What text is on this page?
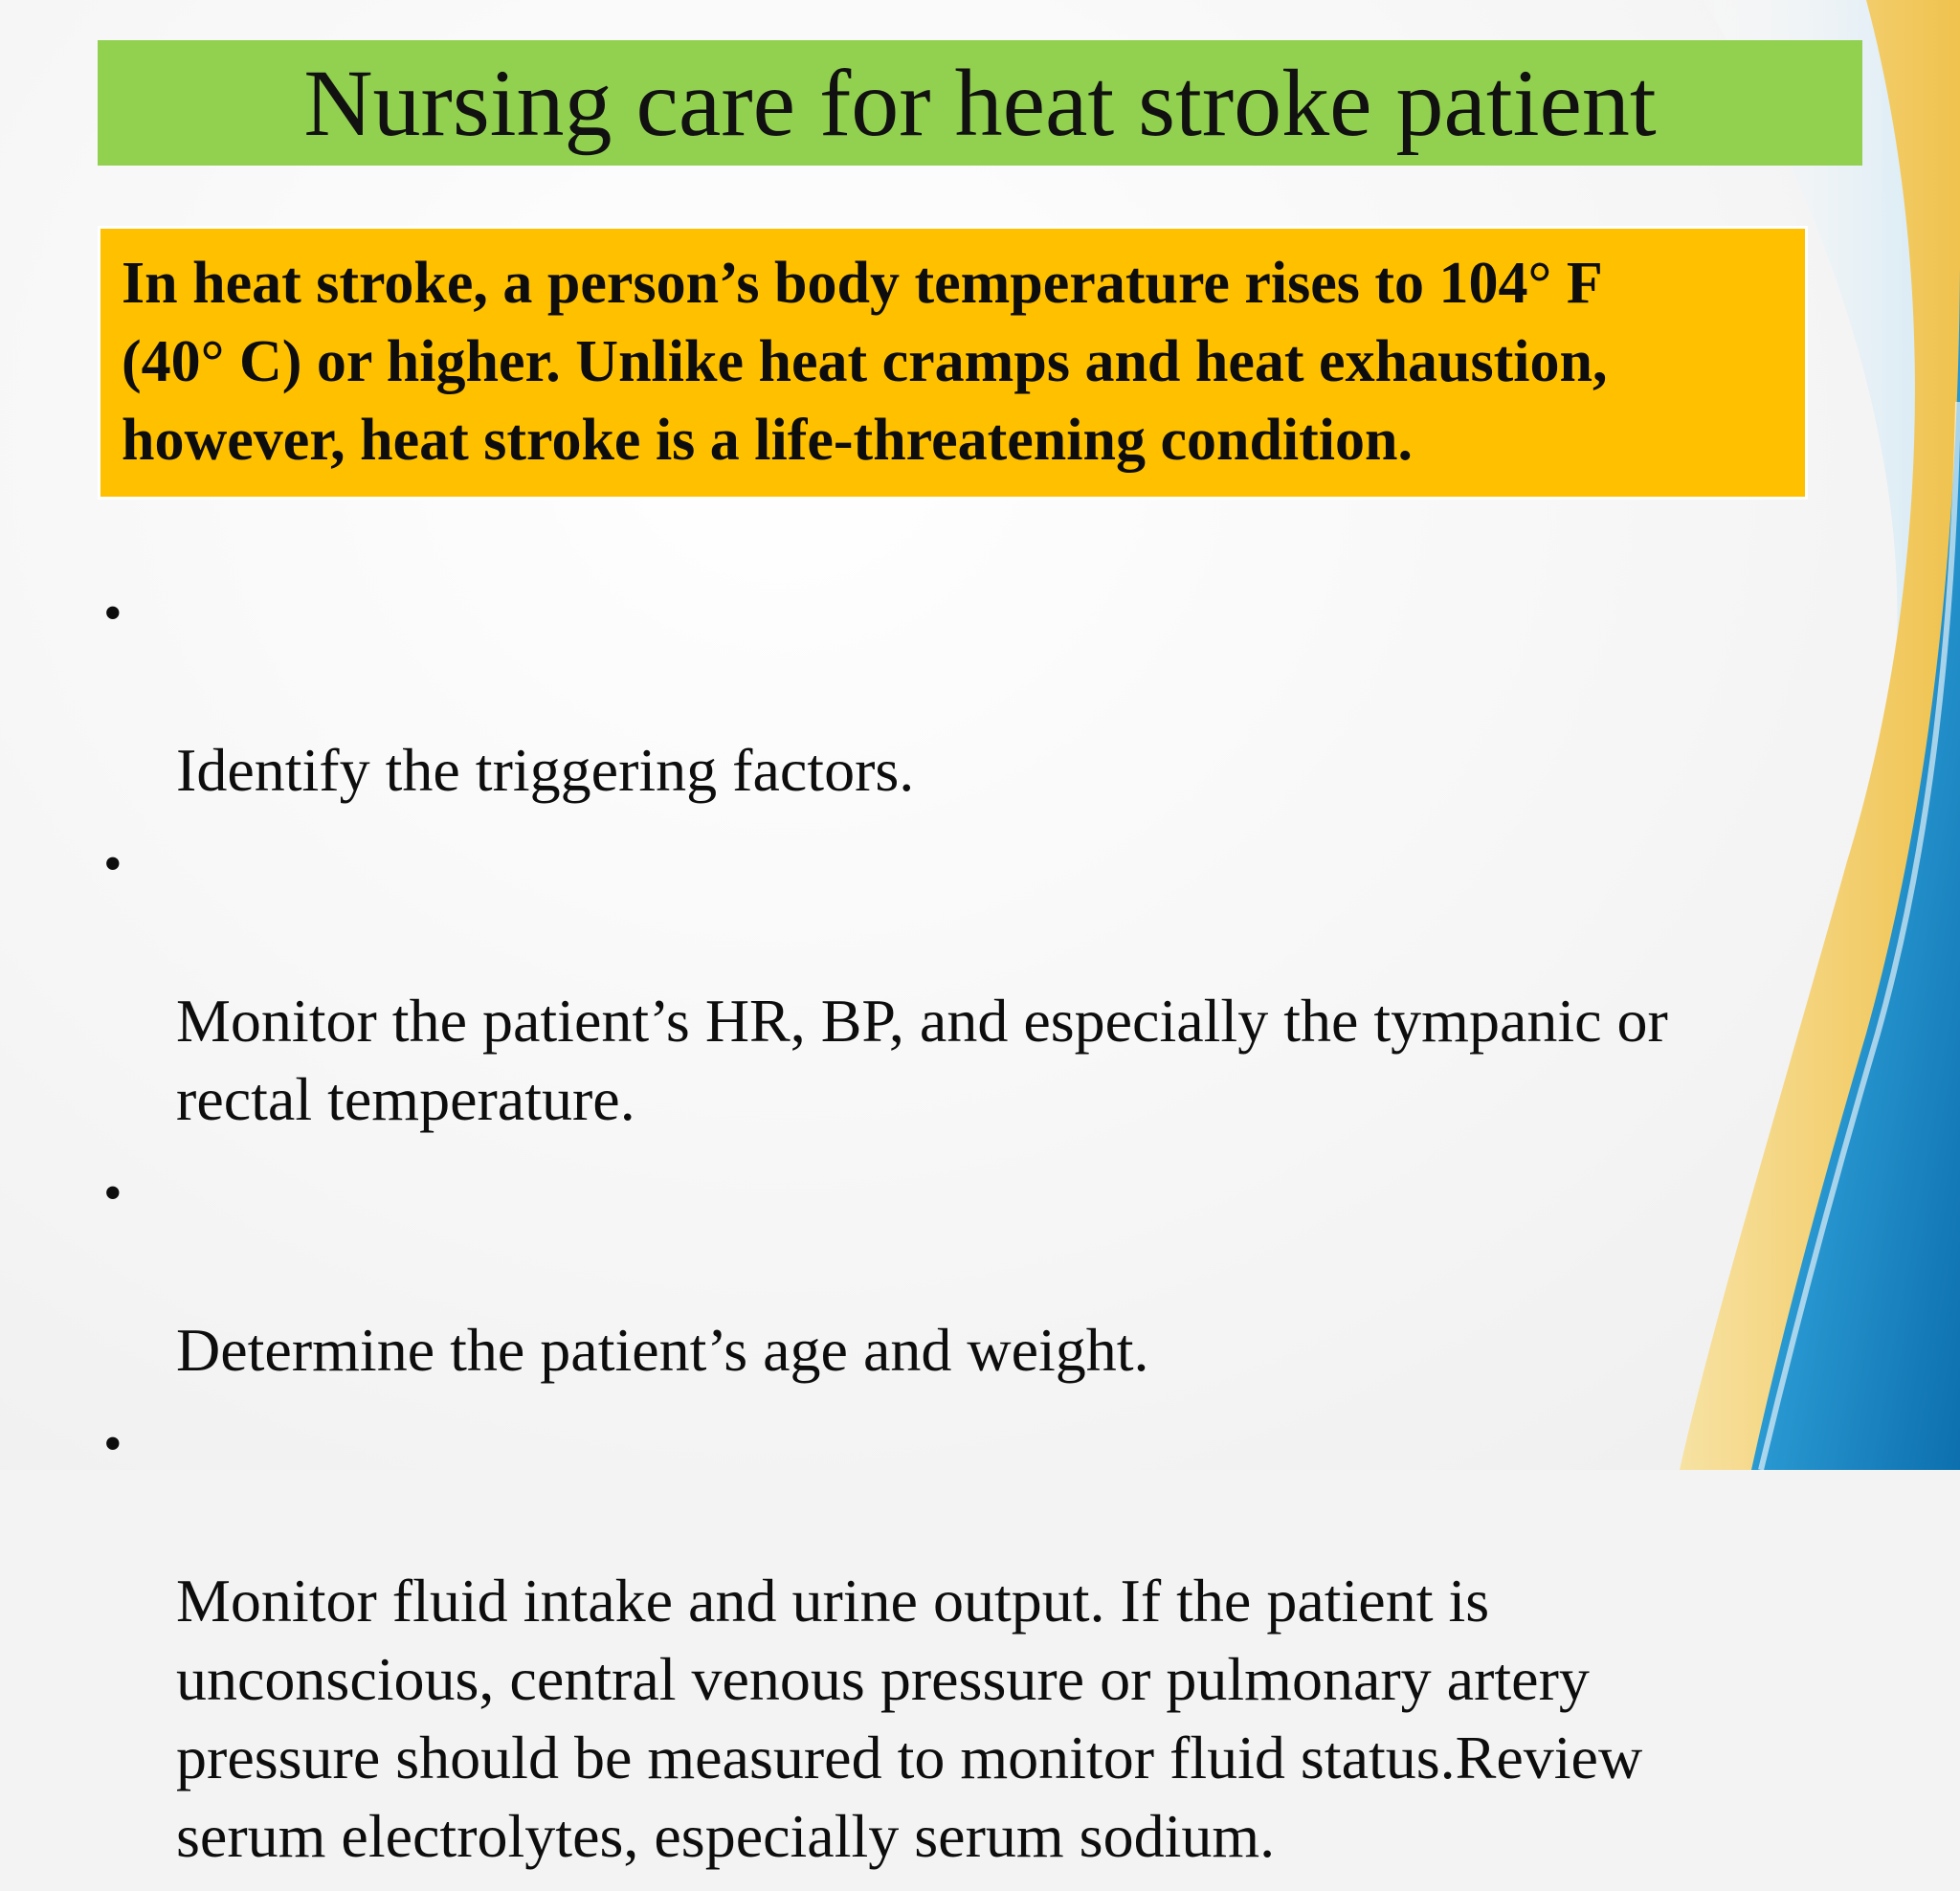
Nursing care for heat stroke patient

In heat stroke, a person’s body temperature rises to 104° F
(40° C) or higher. Unlike heat cramps and heat exhaustion,
however, heat stroke is a life-threatening condition.

•

Identify the triggering factors.

•

Monitor the patient’s HR, BP, and especially the tympanic or
rectal temperature.

•

Determine the patient’s age and weight.

•

Monitor fluid intake and urine output. If the patient is
unconscious, central venous pressure or pulmonary artery
pressure should be measured to monitor fluid status.Review
serum electrolytes, especially serum sodium.
